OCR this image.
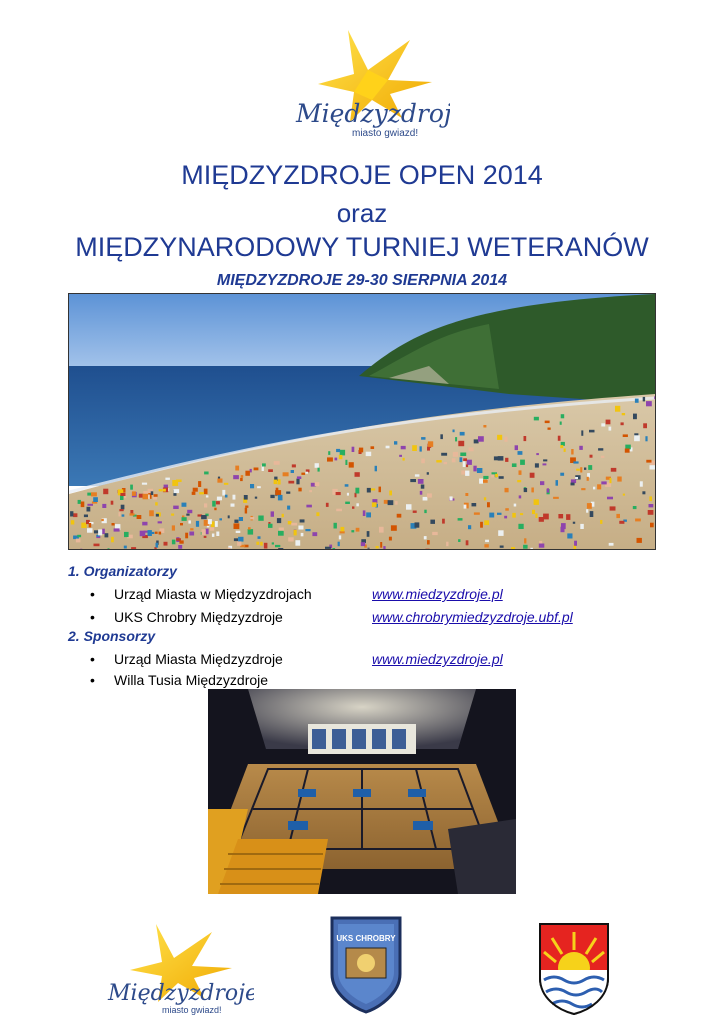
Międzyzdroje
miasto gwiazd!
MIĘDZYZDROJE OPEN 2014
oraz
MIĘDZYNARODOWY TURNIEJ WETERANÓW
MIĘDZYZDROJE 29-30 SIERPNIA 2014
1. Organizatorzy
• Urząd Miasta w Międzyzdrojach	www.miedzyzdroje.pl
• UKS Chrobry Międzyzdroje	www.chrobrymiedzyzdroje.ubf.pl
2. Sponsorzy
• Urząd Miasta Międzyzdroje	www.miedzyzdroje.pl
• Willa Tusia Międzyzdroje
Międzyzdroje
miasto gwiazd!
UKS CHROBRY
